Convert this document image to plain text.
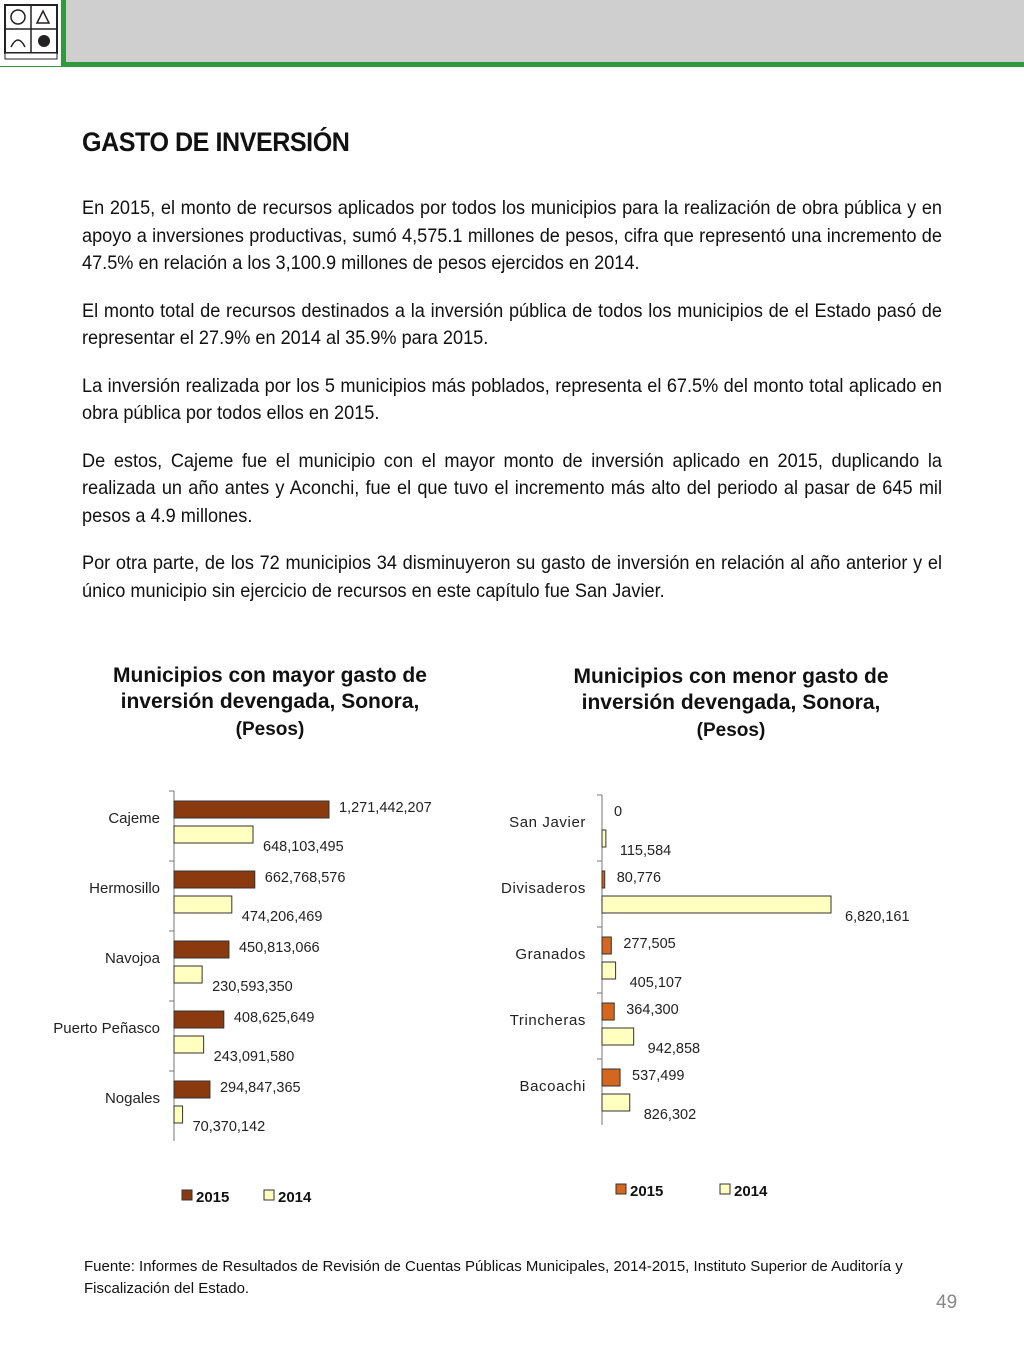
GASTO DE INVERSIÓN

En 2015, el monto de recursos aplicados por todos los municipios para la realización de obra pública y en apoyo a inversiones productivas, sumó 4,575.1 millones de pesos, cifra que representó una incremento de 47.5% en relación a los 3,100.9 millones de pesos ejercidos en 2014.

El monto total de recursos destinados a la inversión pública de todos los municipios de el Estado pasó de representar el 27.9% en 2014 al 35.9% para 2015.

La inversión realizada por los 5 municipios más poblados, representa el 67.5% del monto total aplicado en obra pública por todos ellos en 2015.

De estos, Cajeme fue el municipio con el mayor monto de inversión aplicado en 2015, duplicando la realizada un año antes y Aconchi, fue el que tuvo el incremento más alto del periodo al pasar de 645 mil pesos a 4.9 millones.

Por otra parte, de los 72 municipios 34 disminuyeron su gasto de inversión en relación al año anterior y el único municipio sin ejercicio de recursos en este capítulo fue San Javier.

Municipios con mayor gasto de inversión devengada, Sonora,
(Pesos)
Municipios con menor gasto de inversión devengada, Sonora,
(Pesos)
Cajeme
1,271,442,207
648,103,495
Hermosillo
662,768,576
474,206,469
Navojoa
450,813,066
230,593,350
Puerto Peñasco
408,625,649
243,091,580
Nogales
294,847,365
70,370,142
2015	2014
San Javier
0
115,584
Divisaderos
80,776
6,820,161
Granados
277,505
405,107
Trincheras
364,300
942,858
Bacoachi
537,499
826,302
2015	2014
Fuente: Informes de Resultados de Revisión de Cuentas Públicas Municipales, 2014-2015, Instituto Superior de Auditoría y Fiscalización del Estado.
49
